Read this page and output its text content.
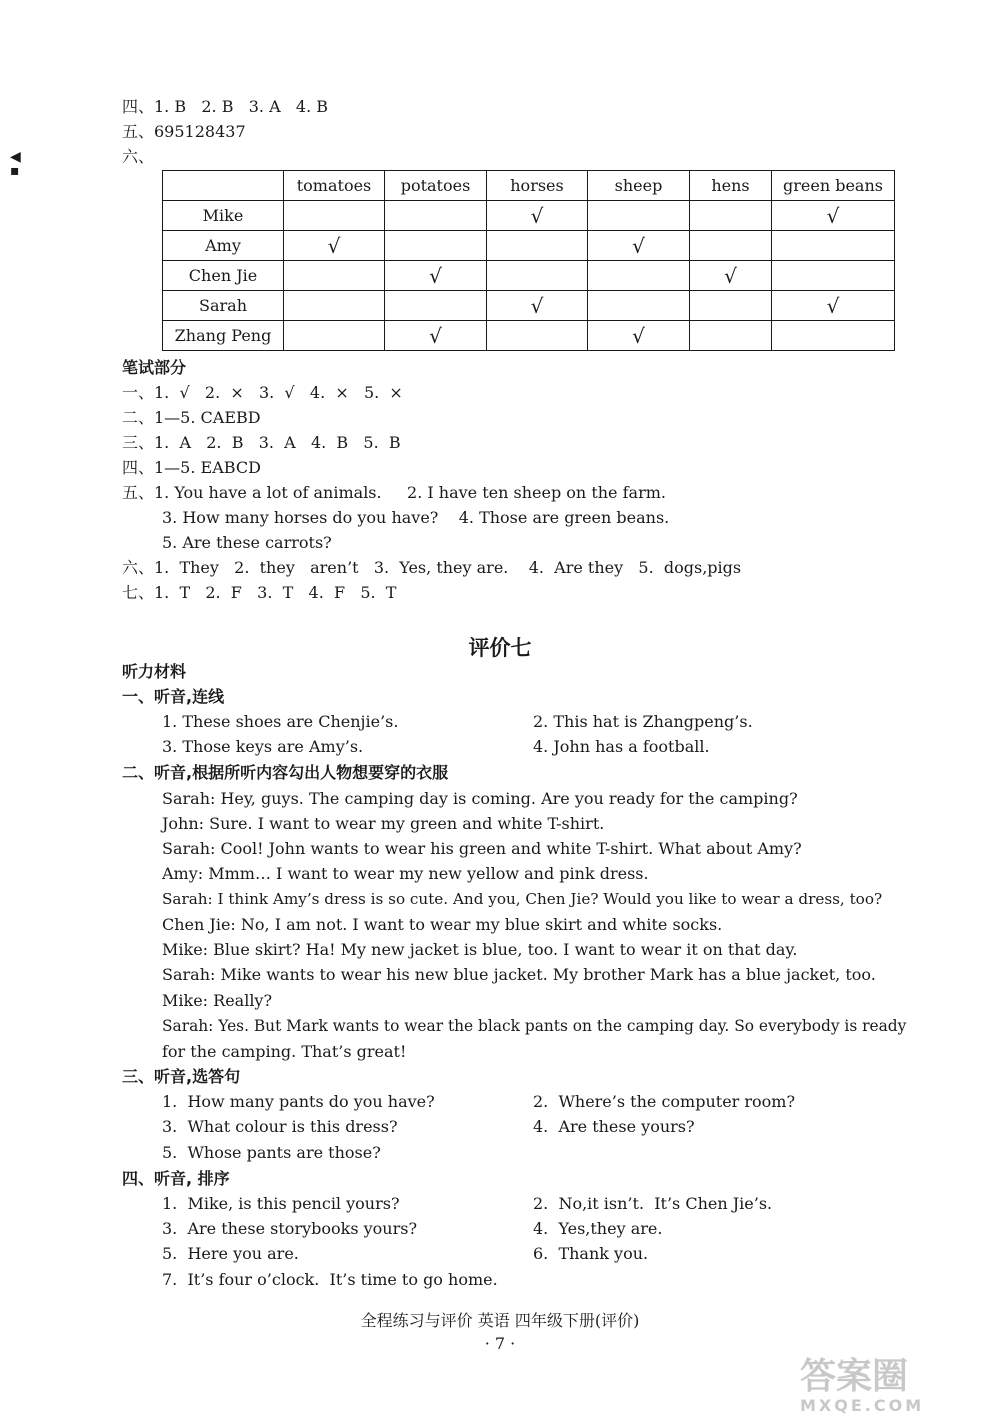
◀
▪
四、1. B   2. B   3. A   4. B
五、695128437
六、
	tomatoes	potatoes	horses	sheep	hens	green beans
Mike			√			√
Amy	√			√		
Chen Jie		√			√	
Sarah			√			√
Zhang Peng		√		√		
笔试部分
一、1.  √   2.  ×   3.  √   4.  ×   5.  ×
二、1—5. CAEBD
三、1.  A   2.  B   3.  A   4.  B   5.  B
四、1—5. EABCD
五、1. You have a lot of animals.     2. I have ten sheep on the farm.
3. How many horses do you have?    4. Those are green beans.
5. Are these carrots?
六、1.  They   2.  they   aren’t   3.  Yes, they are.    4.  Are they   5.  dogs,pigs
七、1.  T   2.  F   3.  T   4.  F   5.  T
评价七
听力材料
一、听音,连线
1. These shoes are Chenjie’s.	2. This hat is Zhangpeng’s.
3. Those keys are Amy’s.	4. John has a football.
二、听音,根据所听内容勾出人物想要穿的衣服
Sarah: Hey, guys. The camping day is coming. Are you ready for the camping?
John: Sure. I want to wear my green and white T-shirt.
Sarah: Cool! John wants to wear his green and white T-shirt. What about Amy?
Amy: Mmm… I want to wear my new yellow and pink dress.
Sarah: I think Amy’s dress is so cute. And you, Chen Jie? Would you like to wear a dress, too?
Chen Jie: No, I am not. I want to wear my blue skirt and white socks.
Mike: Blue skirt? Ha! My new jacket is blue, too. I want to wear it on that day.
Sarah: Mike wants to wear his new blue jacket. My brother Mark has a blue jacket, too.
Mike: Really?
Sarah: Yes. But Mark wants to wear the black pants on the camping day. So everybody is ready
for the camping. That’s great!
三、听音,选答句
1.  How many pants do you have?	2.  Where’s the computer room?
3.  What colour is this dress?	4.  Are these yours?
5.  Whose pants are those?
四、听音, 排序
1.  Mike, is this pencil yours?	2.  No,it isn’t.  It’s Chen Jie’s.
3.  Are these storybooks yours?	4.  Yes,they are.
5.  Here you are.	6.  Thank you.
7.  It’s four o’clock.  It’s time to go home.
全程练习与评价 英语 四年级下册(评价)
· 7 ·
答案圈
MXQE.COM
